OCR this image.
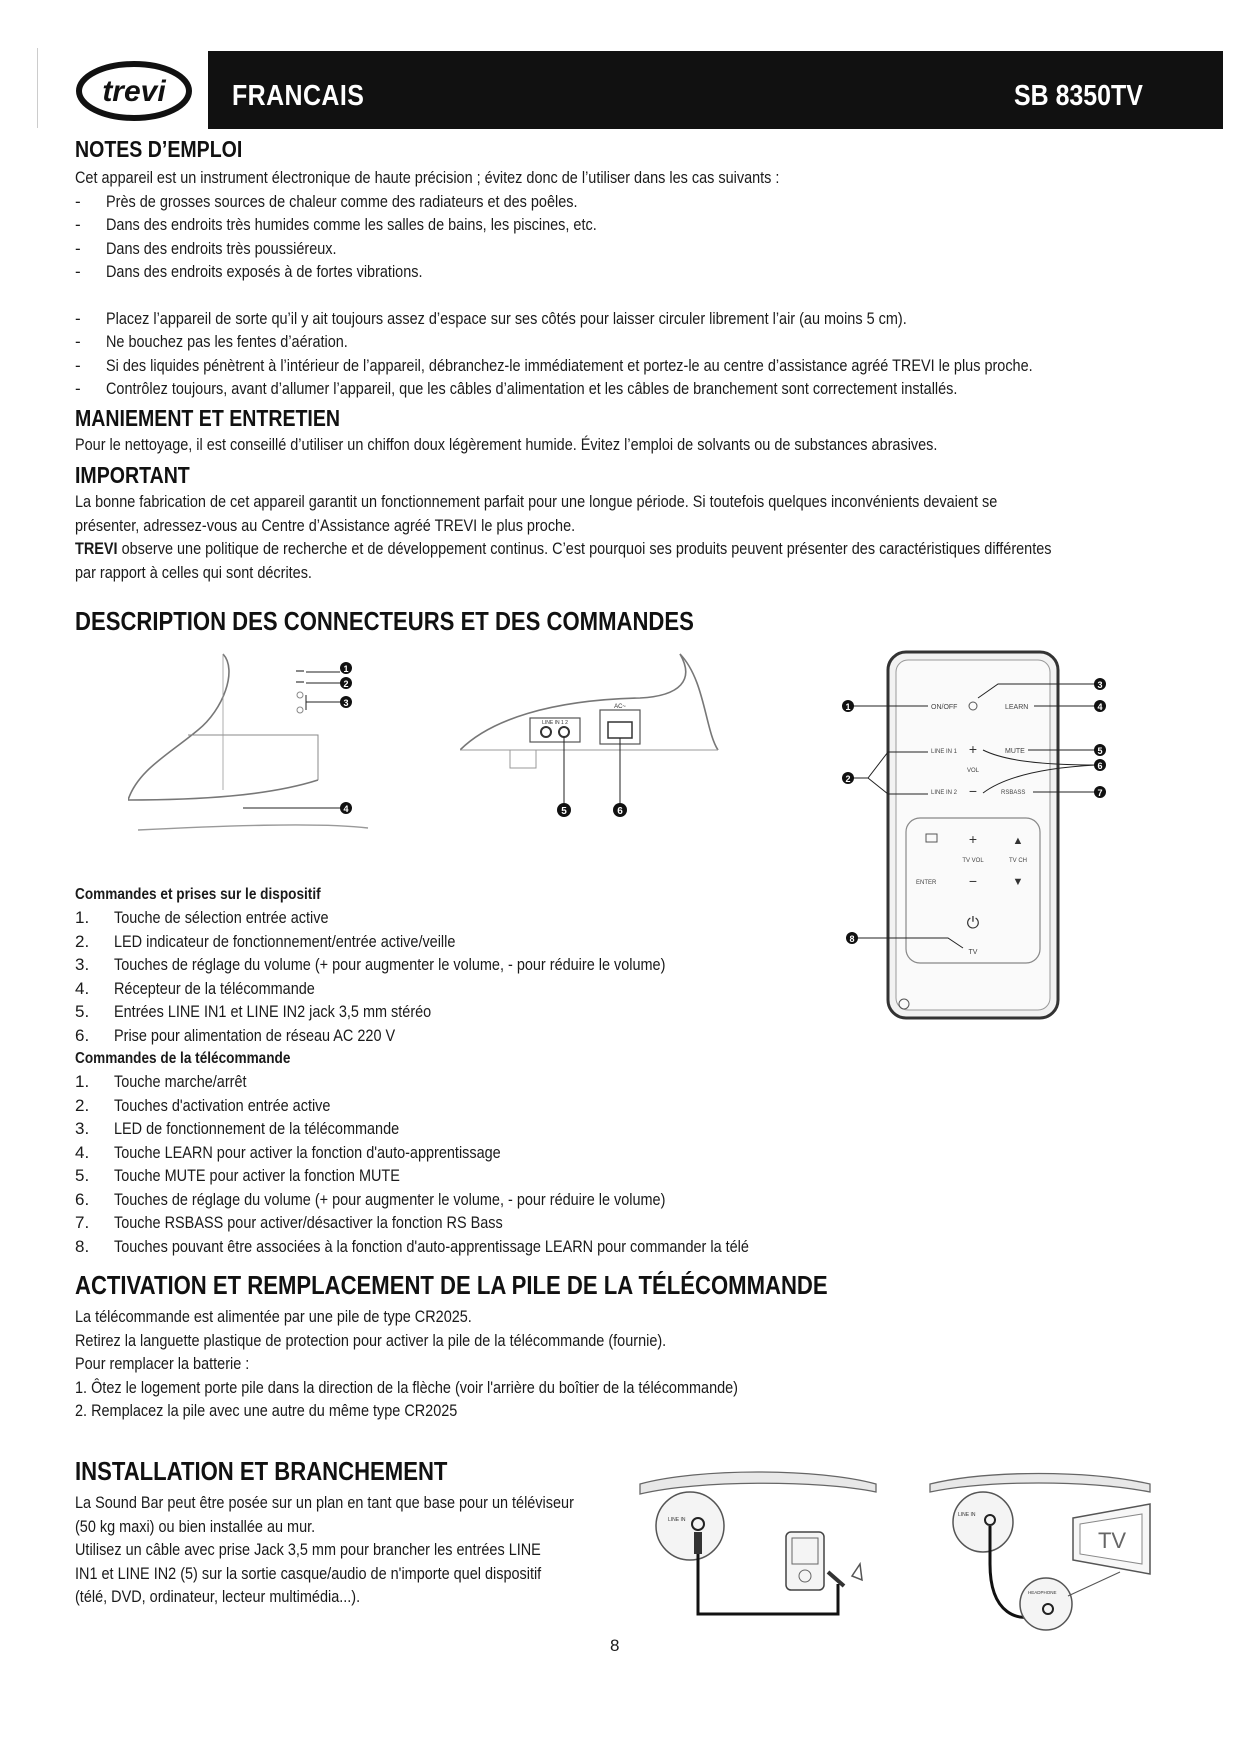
trevi FRANCAIS	SB 8350TV
NOTES D’EMPLOI

Cet appareil est un instrument électronique de haute précision ; évitez donc de l’utiliser dans les cas suivants :

-	Près de grosses sources de chaleur comme des radiateurs et des poêles.
-	Dans des endroits très humides comme les salles de bains, les piscines, etc.
-	Dans des endroits très poussiéreux.
-	Dans des endroits exposés à de fortes vibrations.
-	Placez l’appareil de sorte qu’il y ait toujours assez d’espace sur ses côtés pour laisser circuler librement l’air (au moins 5 cm).
-	Ne bouchez pas les fentes d’aération.
-	Si des liquides pénètrent à l’intérieur de l’appareil, débranchez-le immédiatement et portez-le au centre d’assistance agréé TREVI le plus proche.
-	Contrôlez toujours, avant d’allumer l’appareil, que les câbles d’alimentation et les câbles de branchement sont correctement installés.
MANIEMENT ET ENTRETIEN

Pour le nettoyage, il est conseillé d’utiliser un chiffon doux légèrement humide. Évitez l’emploi de solvants ou de substances abrasives.

IMPORTANT

La bonne fabrication de cet appareil garantit un fonctionnement parfait pour une longue période. Si toutefois quelques inconvénients devaient se

présenter, adressez-vous au Centre d’Assistance agréé TREVI le plus proche.

TREVI observe une politique de recherche et de développement continus. C’est pourquoi ses produits peuvent présenter des caractéristiques différentes

par rapport à celles qui sont décrites.

DESCRIPTION DES CONNECTEURS ET DES COMMANDES
1
2
3
4
LINE IN 1 2
AC~
5	6
ON/OFF	LEARN
LINE IN 1 +	MUTE
VOL
LINE IN 2 −	RSBASS
+	▲
TV VOL	TV CH
ENTER −	▼
⏻
TV
1
2
3
4
5
6
7
8
Commandes et prises sur le dispositif
1.	Touche de sélection entrée active
2.	LED indicateur de fonctionnement/entrée active/veille
3.	Touches de réglage du volume (+ pour augmenter le volume, - pour réduire le volume)
4.	Récepteur de la télécommande
5.	Entrées LINE IN1 et LINE IN2 jack 3,5 mm stéréo
6.	Prise pour alimentation de réseau AC 220 V
Commandes de la télécommande
1.	Touche marche/arrêt
2.	Touches d'activation entrée active
3.	LED de fonctionnement de la télécommande
4.	Touche LEARN pour activer la fonction d'auto-apprentissage
5.	Touche MUTE pour activer la fonction MUTE
6.	Touches de réglage du volume (+ pour augmenter le volume, - pour réduire le volume)
7.	Touche RSBASS pour activer/désactiver la fonction RS Bass
8.	Touches pouvant être associées à la fonction d'auto-apprentissage LEARN pour commander la télé
ACTIVATION ET REMPLACEMENT DE LA PILE DE LA TÉLÉCOMMANDE

La télécommande est alimentée par une pile de type CR2025.

Retirez la languette plastique de protection pour activer la pile de la télécommande (fournie).

Pour remplacer la batterie :

1. Ôtez le logement porte pile dans la direction de la flèche (voir l'arrière du boîtier de la télécommande)

2. Remplacez la pile avec une autre du même type CR2025

INSTALLATION ET BRANCHEMENT

La Sound Bar peut être posée sur un plan en tant que base pour un téléviseur

(50 kg maxi) ou bien installée au mur.

Utilisez un câble avec prise Jack 3,5 mm pour brancher les entrées LINE

IN1 et LINE IN2 (5) sur la sortie casque/audio de n'importe quel dispositif

(télé, DVD, ordinateur, lecteur multimédia...).

LINE IN
LINE IN
TV
HEADPHONE
8
